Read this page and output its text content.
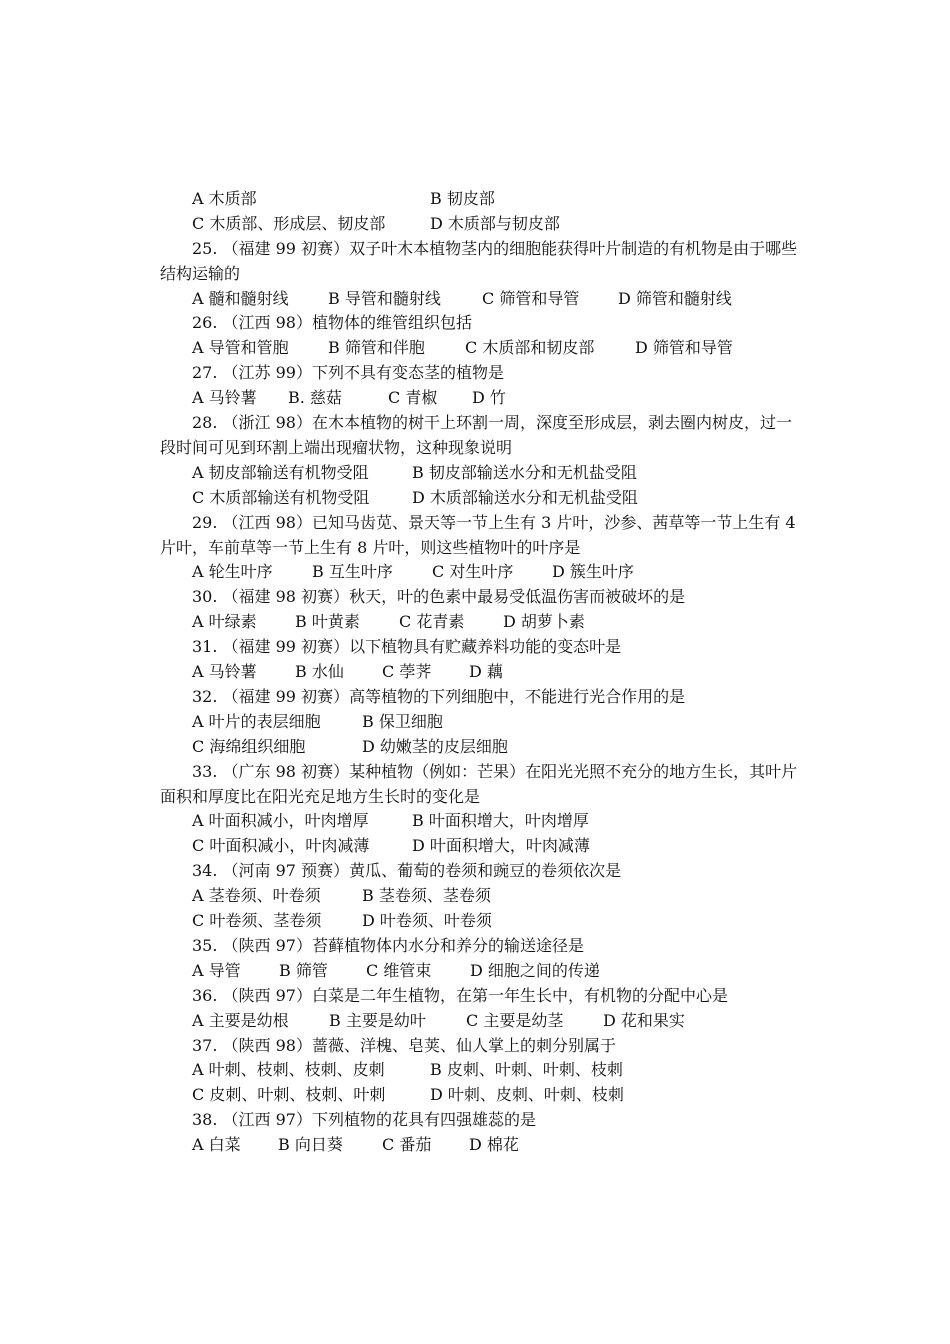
A 木质部	B 韧皮部
C 木质部、形成层、韧皮部	D 木质部与韧皮部
25. （福建 99 初赛）双子叶木本植物茎内的细胞能获得叶片制造的有机物是由于哪些结构运输的
A 髓和髓射线 B 导管和髓射线	C 筛管和导管 D 筛管和髓射线
26. （江西 98）植物体的维管组织包括
A 导管和管胞 B 筛管和伴胞	C 木质部和韧皮部	D 筛管和导管
27. （江苏 99）下列不具有变态茎的植物是
A 马铃薯 B. 慈菇	C 青椒 D 竹
28. （浙江 98）在木本植物的树干上环割一周，深度至形成层，剥去圈内树皮，过一段时间可见到环割上端出现瘤状物，这种现象说明
A 韧皮部输送有机物受阻	B 韧皮部输送水分和无机盐受阻
C 木质部输送有机物受阻	D 木质部输送水分和无机盐受阻
29. （江西 98）已知马齿苋、景天等一节上生有 3 片叶，沙参、茜草等一节上生有 4 片叶，车前草等一节上生有 8 片叶，则这些植物叶的叶序是
A 轮生叶序 B 互生叶序 C 对生叶序 D 簇生叶序
30. （福建 98 初赛）秋天，叶的色素中最易受低温伤害而被破坏的是
A 叶绿素 B 叶黄素 C 花青素 D 胡萝卜素
31. （福建 99 初赛）以下植物具有贮藏养料功能的变态叶是
A 马铃薯 B 水仙 C 荸荠 D 藕
32. （福建 99 初赛）高等植物的下列细胞中，不能进行光合作用的是
A 叶片的表层细胞	B 保卫细胞
C 海绵组织细胞	D 幼嫩茎的皮层细胞
33. （广东 98 初赛）某种植物（例如：芒果）在阳光光照不充分的地方生长，其叶片面积和厚度比在阳光充足地方生长时的变化是
A 叶面积减小，叶肉增厚	B 叶面积增大，叶肉增厚
C 叶面积减小，叶肉减薄	D 叶面积增大，叶肉减薄
34. （河南 97 预赛）黄瓜、葡萄的卷须和豌豆的卷须依次是
A 茎卷须、叶卷须	B 茎卷须、茎卷须
C 叶卷须、茎卷须	D 叶卷须、叶卷须
35. （陕西 97）苔藓植物体内水分和养分的输送途径是
A 导管 B 筛管 C 维管束 D 细胞之间的传递
36. （陕西 97）白菜是二年生植物，在第一年生长中，有机物的分配中心是
A 主要是幼根	B 主要是幼叶	C 主要是幼茎 D 花和果实
37. （陕西 98）蔷薇、洋槐、皂荚、仙人掌上的刺分别属于
A 叶刺、枝刺、枝刺、皮刺	B 皮刺、叶刺、叶刺、枝刺
C 皮刺、叶刺、枝刺、叶刺	D 叶刺、皮刺、叶刺、枝刺
38. （江西 97）下列植物的花具有四强雄蕊的是
A 白菜 B 向日葵 C 番茄 D 棉花
